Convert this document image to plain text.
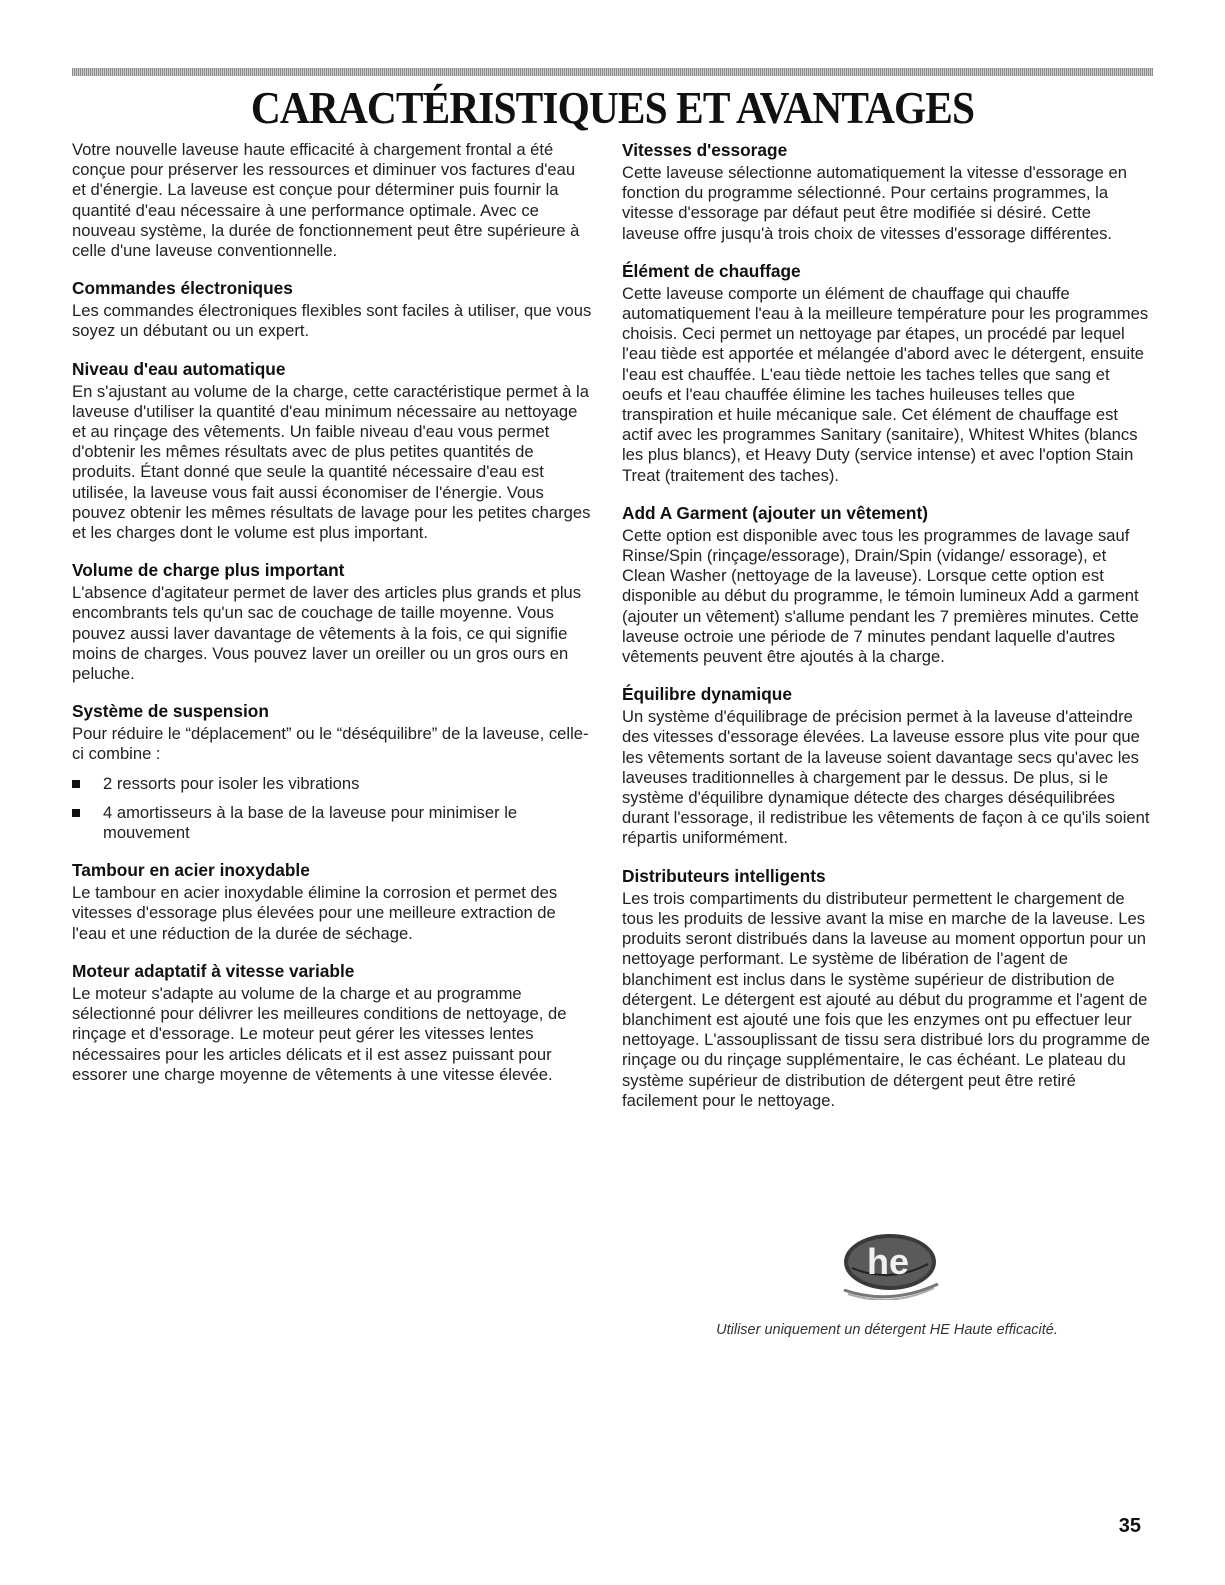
CARACTÉRISTIQUES ET AVANTAGES

Votre nouvelle laveuse haute efficacité à chargement frontal a été conçue pour préserver les ressources et diminuer vos factures d'eau et d'énergie. La laveuse est conçue pour déterminer puis fournir la quantité d'eau nécessaire à une performance optimale. Avec ce nouveau système, la durée de fonctionnement peut être supérieure à celle d'une laveuse conventionnelle.

Commandes électroniques

Les commandes électroniques flexibles sont faciles à utiliser, que vous soyez un débutant ou un expert.

Niveau d'eau automatique

En s'ajustant au volume de la charge, cette caractéristique permet à la laveuse d'utiliser la quantité d'eau minimum nécessaire au nettoyage et au rinçage des vêtements. Un faible niveau d'eau vous permet d'obtenir les mêmes résultats avec de plus petites quantités de produits. Étant donné que seule la quantité nécessaire d'eau est utilisée, la laveuse vous fait aussi économiser de l'énergie. Vous pouvez obtenir les mêmes résultats de lavage pour les petites charges et les charges dont le volume est plus important.

Volume de charge plus important

L'absence d'agitateur permet de laver des articles plus grands et plus encombrants tels qu'un sac de couchage de taille moyenne. Vous pouvez aussi laver davantage de vêtements à la fois, ce qui signifie moins de charges. Vous pouvez laver un oreiller ou un gros ours en peluche.

Système de suspension

Pour réduire le “déplacement” ou le “déséquilibre” de la laveuse, celle-ci combine :

2 ressorts pour isoler les vibrations
4 amortisseurs à la base de la laveuse pour minimiser le mouvement
Tambour en acier inoxydable

Le tambour en acier inoxydable élimine la corrosion et permet des vitesses d'essorage plus élevées pour une meilleure extraction de l'eau et une réduction de la durée de séchage.

Moteur adaptatif à vitesse variable

Le moteur s'adapte au volume de la charge et au programme sélectionné pour délivrer les meilleures conditions de nettoyage, de rinçage et d'essorage. Le moteur peut gérer les vitesses lentes nécessaires pour les articles délicats et il est assez puissant pour essorer une charge moyenne de vêtements à une vitesse élevée.

Vitesses d'essorage

Cette laveuse sélectionne automatiquement la vitesse d'essorage en fonction du programme sélectionné. Pour certains programmes, la vitesse d'essorage par défaut peut être modifiée si désiré. Cette laveuse offre jusqu'à trois choix de vitesses d'essorage différentes.

Élément de chauffage

Cette laveuse comporte un élément de chauffage qui chauffe automatiquement l'eau à la meilleure température pour les programmes choisis. Ceci permet un nettoyage par étapes, un procédé par lequel l'eau tiède est apportée et mélangée d'abord avec le détergent, ensuite l'eau est chauffée. L'eau tiède nettoie les taches telles que sang et oeufs et l'eau chauffée élimine les taches huileuses telles que transpiration et huile mécanique sale. Cet élément de chauffage est actif avec les programmes Sanitary (sanitaire), Whitest Whites (blancs les plus blancs), et Heavy Duty (service intense) et avec l'option Stain Treat (traitement des taches).

Add A Garment (ajouter un vêtement)

Cette option est disponible avec tous les programmes de lavage sauf Rinse/Spin (rinçage/essorage), Drain/Spin (vidange/ essorage), et Clean Washer (nettoyage de la laveuse). Lorsque cette option est disponible au début du programme, le témoin lumineux Add a garment (ajouter un vêtement) s'allume pendant les 7 premières minutes. Cette laveuse octroie une période de 7 minutes pendant laquelle d'autres vêtements peuvent être ajoutés à la charge.

Équilibre dynamique

Un système d'équilibrage de précision permet à la laveuse d'atteindre des vitesses d'essorage élevées. La laveuse essore plus vite pour que les vêtements sortant de la laveuse soient davantage secs qu'avec les laveuses traditionnelles à chargement par le dessus. De plus, si le système d'équilibre dynamique détecte des charges déséquilibrées durant l'essorage, il redistribue les vêtements de façon à ce qu'ils soient répartis uniformément.

Distributeurs intelligents

Les trois compartiments du distributeur permettent le chargement de tous les produits de lessive avant la mise en marche de la laveuse. Les produits seront distribués dans la laveuse au moment opportun pour un nettoyage performant. Le système de libération de l'agent de blanchiment est inclus dans le système supérieur de distribution de détergent. Le détergent est ajouté au début du programme et l'agent de blanchiment est ajouté une fois que les enzymes ont pu effectuer leur nettoyage. L'assouplissant de tissu sera distribué lors du programme de rinçage ou du rinçage supplémentaire, le cas échéant. Le plateau du système supérieur de distribution de détergent peut être retiré facilement pour le nettoyage.

he
Utiliser uniquement un détergent HE Haute efficacité.
35
